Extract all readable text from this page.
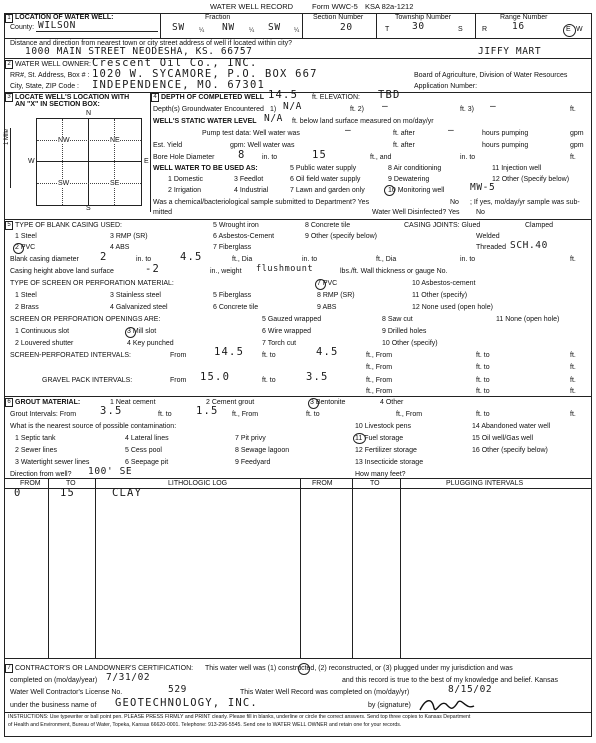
WATER WELL RECORD	Form WWC-5 KSA 82a-1212
1 LOCATION OF WATER WELL:
County: WILSON
Fraction
SW ¼ NW ¼ SW ¼
Section Number
20
Township Number
T 30	S
Range Number
R	16	E W
Distance and direction from nearest town or city street address of well if located within city?
1000 MAIN STREET NEODESHA, KS. 66757	JIFFY MART
2 WATER WELL OWNER: Crescent Oil Co., INC.
RR#, St. Address, Box # : 1020 W. SYCAMORE, P.O. BOX 667	Board of Agriculture, Division of Water Resources
City, State, ZIP Code : INDEPENDENCE, MO. 67301	Application Number:
3 LOCATE WELL'S LOCATION WITH
AN "X" IN SECTION BOX:
N
S
W	E
1 Mile	NW	NE
SW	SE
4 DEPTH OF COMPLETED WELL 14.5 ft. ELEVATION: TBD
Depth(s) Groundwater Encountered 1) N/A	ft. 2) —	ft. 3) —	ft.
WELL'S STATIC WATER LEVEL N/A ft. below land surface measured on mo/day/yr
Pump test data: Well water was	—	ft. after	—	hours pumping	gpm
Est. Yield	gpm: Well water was	ft. after	hours pumping	gpm
Bore Hole Diameter 8 in. to	15	ft., and	in. to	ft.
WELL WATER TO BE USED AS:
1 Domestic
2 Irrigation
3 Feedlot
4 Industrial
5 Public water supply
6 Oil field water supply
7 Lawn and garden only
8 Air conditioning
9 Dewatering
10 Monitoring well	MW-5
11 Injection well
12 Other (Specify below)
Was a chemical/bacteriological sample submitted to Department? Yes	No ; If yes, mo/day/yr sample was sub-
mitted	Water Well Disinfected? Yes No
5 TYPE OF BLANK CASING USED:
1 Steel
2 PVC
3 RMP (SR)
4 ABS
5 Wrought iron
6 Asbestos-Cement
7 Fiberglass
8 Concrete tile
9 Other (specify below)
CASING JOINTS: Glued	Clamped
Welded
Threaded SCH.40
Blank casing diameter 2	in. to	4.5	ft., Dia	in. to	ft., Dia	in. to	ft.
Casing height above land surface	-2	in., weight flushmount	lbs./ft. Wall thickness or gauge No.
TYPE OF SCREEN OR PERFORATION MATERIAL:
1 Steel
2 Brass
3 Stainless steel
4 Galvanized steel
5 Fiberglass
6 Concrete tile
7 PVC
8 RMP (SR)
9 ABS
10 Asbestos-cement
11 Other (specify)
12 None used (open hole)
SCREEN OR PERFORATION OPENINGS ARE:
1 Continuous slot
2 Louvered shutter
3 Mill slot
4 Key punched
5 Gauzed wrapped
6 Wire wrapped
7 Torch cut
8 Saw cut
9 Drilled holes
10 Other (specify)
11 None (open hole)
SCREEN-PERFORATED INTERVALS:	From	14.5	ft. to	4.5	ft., From	ft. to	ft.
ft., From	ft. to	ft.
GRAVEL PACK INTERVALS:	From 15.0	ft. to	3.5	ft., From	ft. to	ft.
ft., From	ft. to	ft.
6 GROUT MATERIAL:	1 Neat cement	2 Cement grout	3 Bentonite	4 Other
Grout Intervals: From 3.5	ft. to 1.5 ft., From	ft. to	ft., From	ft. to	ft.
What is the nearest source of possible contamination:
1 Septic tank
2 Sewer lines
3 Watertight sewer lines
4 Lateral lines
5 Cess pool
6 Seepage pit
7 Pit privy
8 Sewage lagoon
9 Feedyard
10 Livestock pens
11 Fuel storage
12 Fertilizer storage
13 Insecticide storage
14 Abandoned water well
15 Oil well/Gas well
16 Other (specify below)
Direction from well? 100' SE	How many feet?
FROM	TO	LITHOLOGIC LOG	FROM	TO	PLUGGING INTERVALS
0	15	CLAY
7 CONTRACTOR'S OR LANDOWNER'S CERTIFICATION: This water well was (1) constructed, (2) reconstructed, or (3) plugged under my jurisdiction and was
completed on (mo/day/year) 7/31/02	and this record is true to the best of my knowledge and belief. Kansas
Water Well Contractor's License No.	529	This Water Well Record was completed on (mo/day/yr)	8/15/02
under the business name of GEOTECHNOLOGY, INC.	by (signature)
INSTRUCTIONS: Use typewriter or ball point pen. PLEASE PRESS FIRMLY and PRINT clearly. Please fill in blanks, underline or circle the correct answers. Send top three copies to Kansas Department
of Health and Environment, Bureau of Water, Topeka, Kansas 66620-0001. Telephone: 913-296-5545. Send one to WATER WELL OWNER and retain one for your records.
